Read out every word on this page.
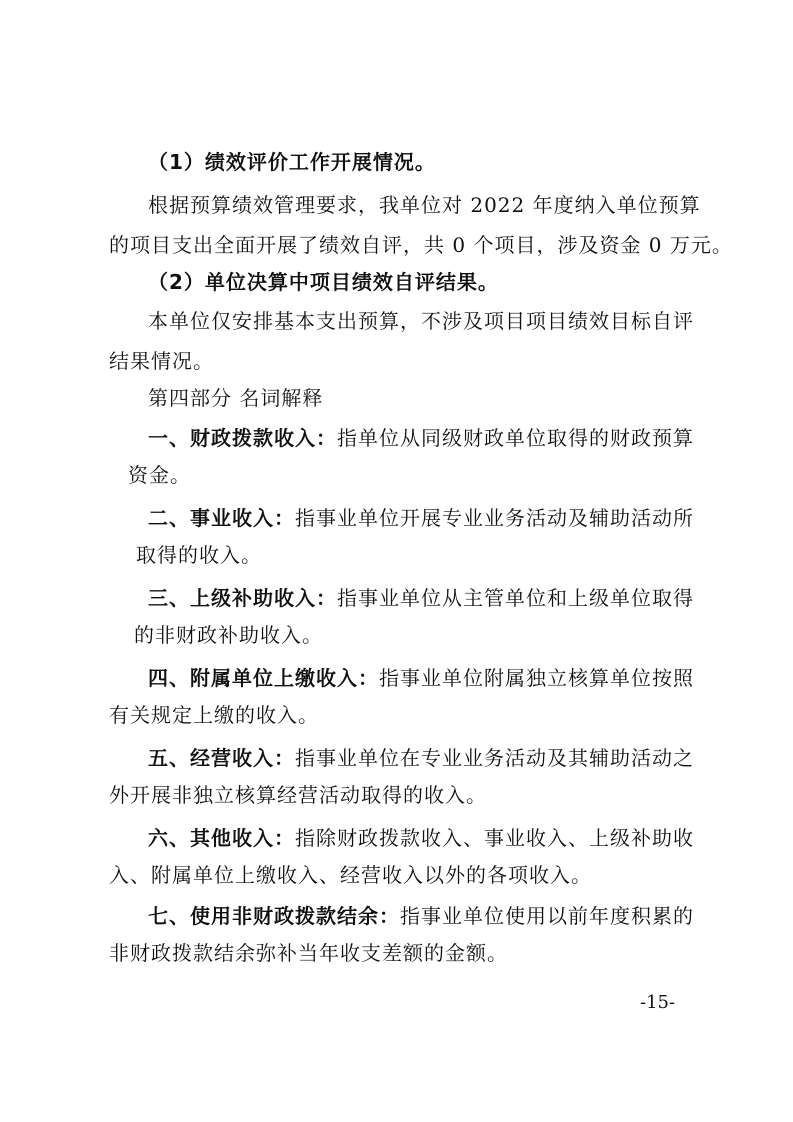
（1）绩效评价工作开展情况。
根据预算绩效管理要求，我单位对 2022 年度纳入单位预算
的项目支出全面开展了绩效自评，共 0 个项目，涉及资金 0 万元。
（2）单位决算中项目绩效自评结果。
本单位仅安排基本支出预算，不涉及项目项目绩效目标自评
结果情况。
第四部分 名词解释
一、财政拨款收入：指单位从同级财政单位取得的财政预算
资金。
二、事业收入：指事业单位开展专业业务活动及辅助活动所
取得的收入。
三、上级补助收入：指事业单位从主管单位和上级单位取得
的非财政补助收入。
四、附属单位上缴收入：指事业单位附属独立核算单位按照
有关规定上缴的收入。
五、经营收入：指事业单位在专业业务活动及其辅助活动之
外开展非独立核算经营活动取得的收入。
六、其他收入：指除财政拨款收入、事业收入、上级补助收
入、附属单位上缴收入、经营收入以外的各项收入。
七、使用非财政拨款结余：指事业单位使用以前年度积累的
非财政拨款结余弥补当年收支差额的金额。
-15-
